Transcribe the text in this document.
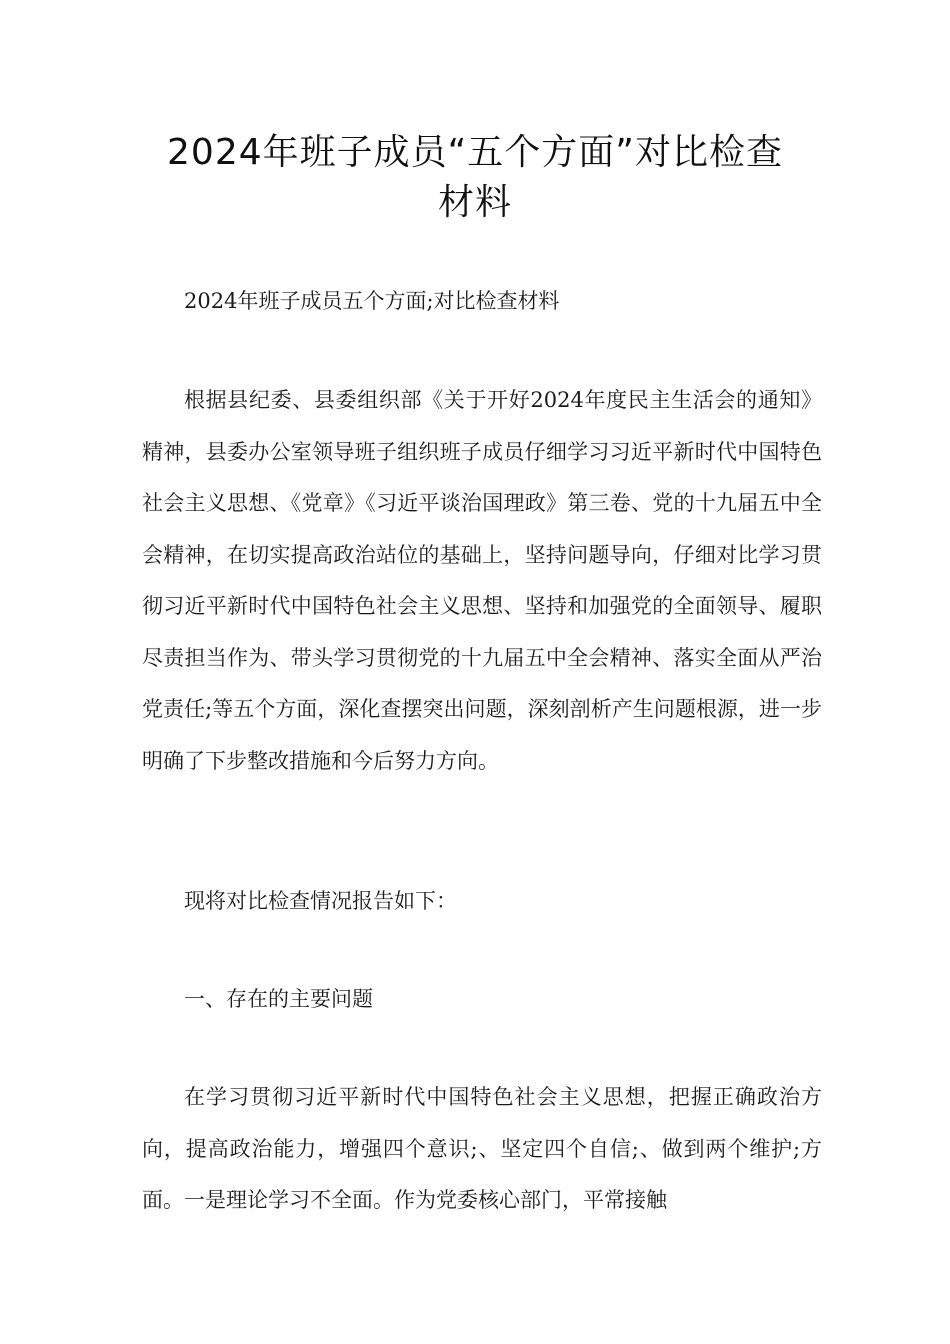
2024年班子成员“五个方面”对比检查
材料

2024年班子成员五个方面;对比检查材料

根据县纪委、县委组织部《关于开好2024年度民主生活会的通知》精神，县委办公室领导班子组织班子成员仔细学习习近平新时代中国特色社会主义思想、《党章》《习近平谈治国理政》第三卷、党的十九届五中全会精神，在切实提高政治站位的基础上，坚持问题导向，仔细对比学习贯彻习近平新时代中国特色社会主义思想、坚持和加强党的全面领导、履职尽责担当作为、带头学习贯彻党的十九届五中全会精神、落实全面从严治党责任;等五个方面，深化查摆突出问题，深刻剖析产生问题根源，进一步明确了下步整改措施和今后努力方向。

现将对比检查情况报告如下：

一、存在的主要问题

在学习贯彻习近平新时代中国特色社会主义思想，把握正确政治方向，提高政治能力，增强四个意识;、坚定四个自信;、做到两个维护;方面。一是理论学习不全面。作为党委核心部门，平常接触
